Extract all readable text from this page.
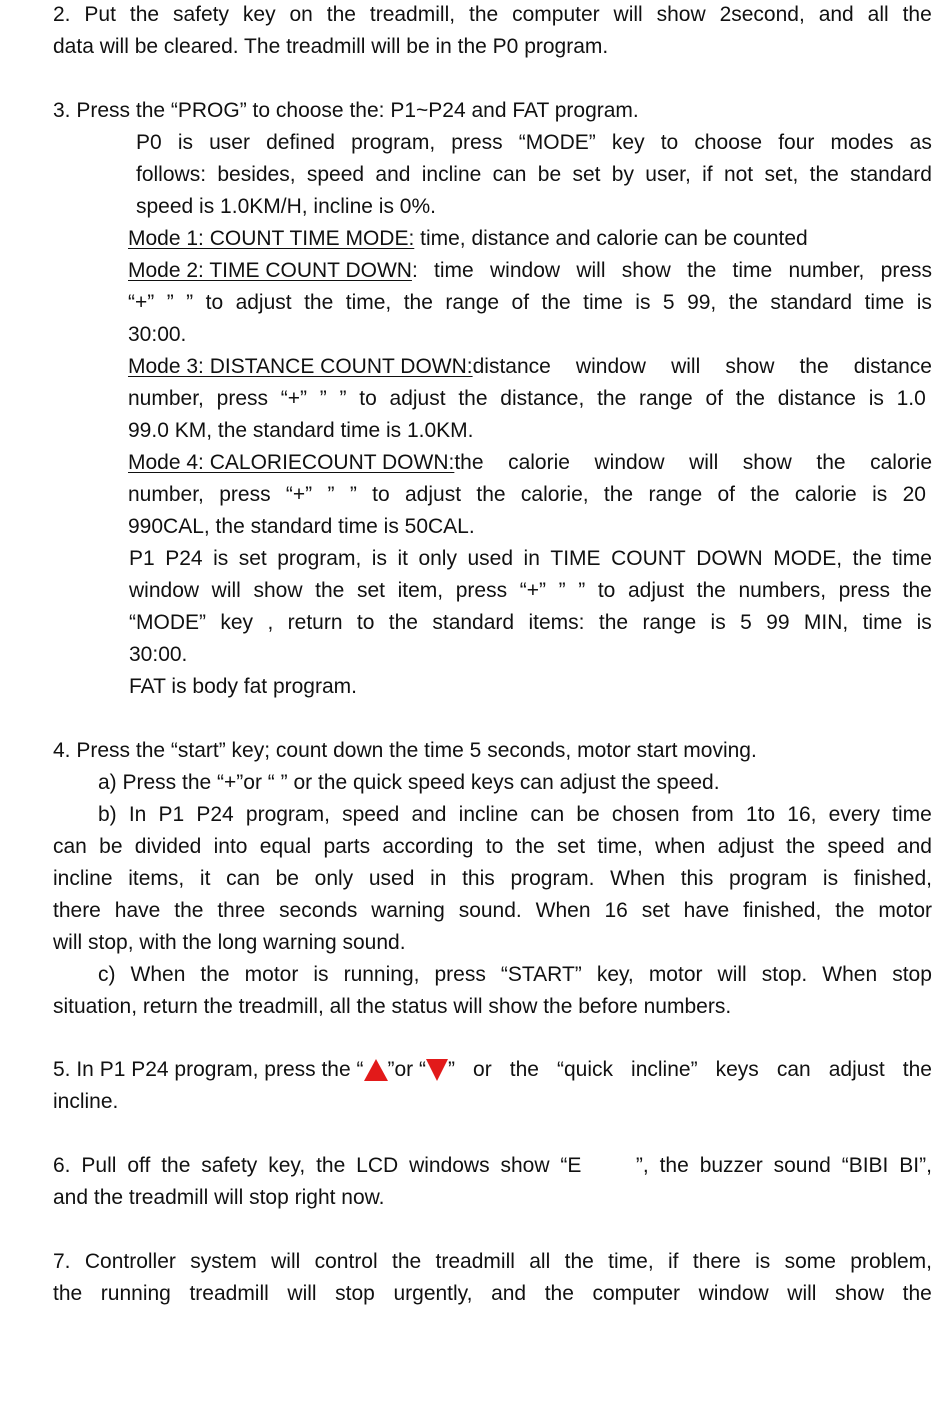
2. Put the safety key on the treadmill, the computer will show 2second, and all the
data will be cleared. The treadmill will be in the P0 program.
3. Press the “PROG” to choose the: P1~P24 and FAT program.
P0 is user defined program, press “MODE” key to choose four modes as
follows: besides, speed and incline can be set by user, if not set, the standard
speed is 1.0KM/H, incline is 0%.
Mode 1: COUNT TIME MODE: time, distance and calorie can be counted
Mode 2: TIME COUNT DOWN : time window will show the time number, press
“+” ” ” to adjust the time, the range of the time is 5 99, the standard time is
30:00.
Mode 3: DISTANCE COUNT DOWN: distance window will show the distance
number, press “+” ” ” to adjust the distance, the range of the distance is 1.0
99.0 KM, the standard time is 1.0KM.
Mode 4: CALORIECOUNT DOWN: the calorie window will show the calorie
number, press “+” ” ” to adjust the calorie, the range of the calorie is 20
990CAL, the standard time is 50CAL.
P1 P24 is set program, is it only used in TIME COUNT DOWN MODE, the time
window will show the set item, press “+” ” ” to adjust the numbers, press the
“MODE” key , return to the standard items: the range is 5 99 MIN, time is
30:00.
FAT is body fat program.
4. Press the “start” key; count down the time 5 seconds, motor start moving.
a) Press the “+”or “ ” or the quick speed keys can adjust the speed.
b) In P1 P24 program, speed and incline can be chosen from 1to 16, every time
can be divided into equal parts according to the set time, when adjust the speed and
incline items, it can be only used in this program. When this program is finished,
there have the three seconds warning sound. When 16 set have finished, the motor
will stop, with the long warning sound.
c) When the motor is running, press “START” key, motor will stop. When stop
situation, return the treadmill, all the status will show the before numbers.
5. In P1 P24 program, press the “ ”or “ ” or the “quick incline” keys can adjust the
incline.
6. Pull off the safety key, the LCD windows show “E	”, the buzzer sound “BIBI BI”,
and the treadmill will stop right now.
7. Controller system will control the treadmill all the time, if there is some problem,
the running treadmill will stop urgently, and the computer window will show the
